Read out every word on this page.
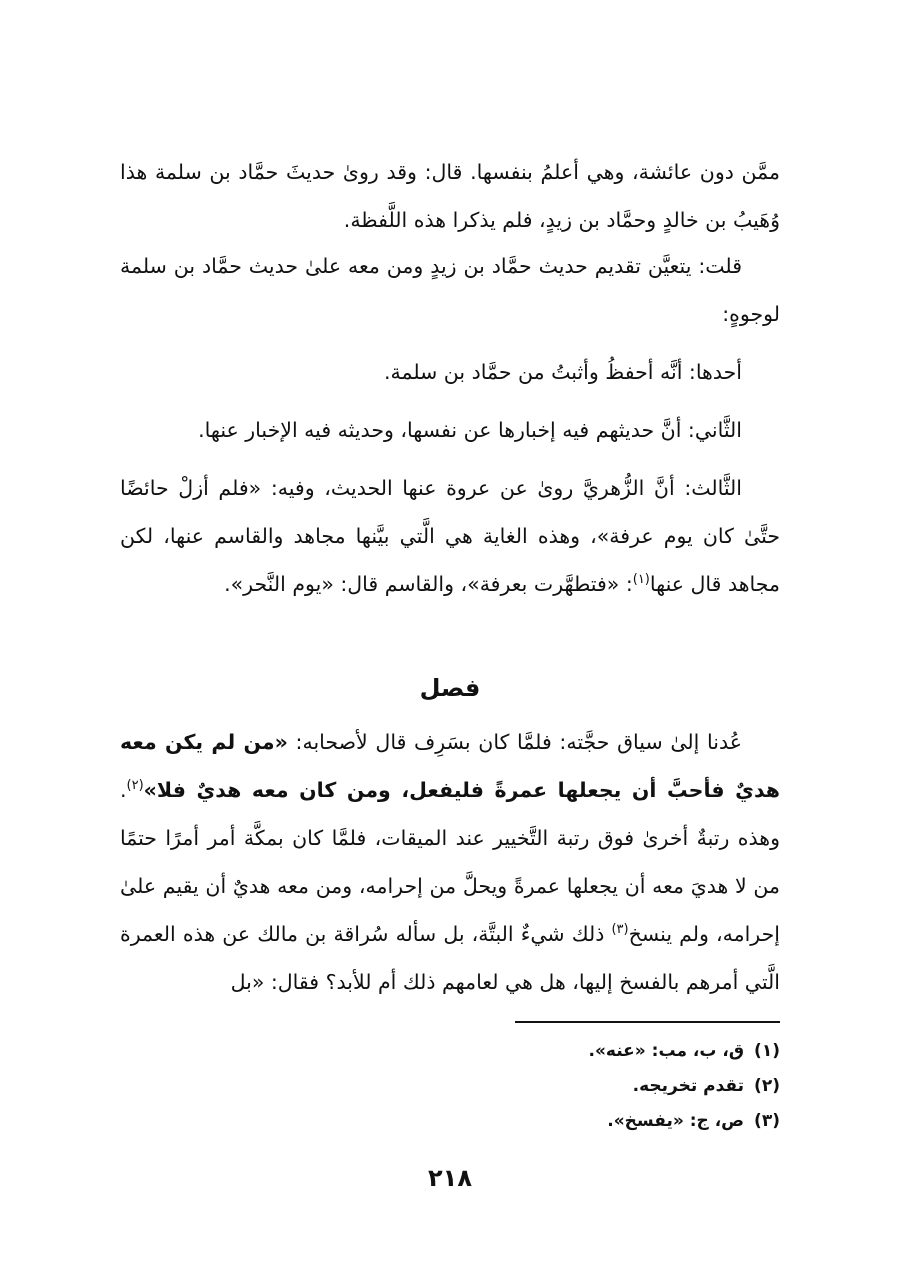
ممَّن دون عائشة، وهي أعلمُ بنفسها. قال: وقد رویٰ حديثَ حمَّاد بن سلمة هذا وُهَيبُ بن خالدٍ وحمَّاد بن زيدٍ، فلم يذكرا هذه اللَّفظة.

قلت: يتعيَّن تقديم حديث حمَّاد بن زيدٍ ومن معه علىٰ حديث حمَّاد بن سلمة لوجوهٍ:

أحدها: أنَّه أحفظُ وأثبتُ من حمَّاد بن سلمة.

الثَّاني: أنَّ حديثهم فيه إخبارها عن نفسها، وحديثه فيه الإخبار عنها.

الثَّالث: أنَّ الزُّهريَّ رویٰ عن عروة عنها الحديث، وفيه: «فلم أزلْ حائضًا حتَّىٰ كان يوم عرفة»، وهذه الغاية هي الَّتي بيَّنها مجاهد والقاسم عنها، لكن مجاهد قال عنها$^{(١)}$: «فتطهَّرت بعرفة»، والقاسم قال: «يوم النَّحر».

فصل

عُدنا إلىٰ سياق حجَّته: فلمَّا كان بسَرِف قال لأصحابه: «من لم يكن معه هديٌ فأحبَّ أن يجعلها عمرةً فليفعل، ومن كان معه هديٌ فلا»$^{(٢)}$. وهذه رتبةٌ أخریٰ فوق رتبة التَّخيير عند الميقات، فلمَّا كان بمكَّة أمر أمرًا حتمًا من لا هديَ معه أن يجعلها عمرةً ويحلَّ من إحرامه، ومن معه هديٌ أن يقيم علىٰ إحرامه، ولم ينسخ$^{(٣)}$ ذلك شيءٌ البتَّة، بل سأله سُراقة بن مالك عن هذه العمرة الَّتي أمرهم بالفسخ إليها، هل هي لعامهم ذلك أم للأبد؟ فقال: «بل

(١)ق، ب، مب: «عنه».
(٢)تقدم تخريجه.
(٣)ص، ج: «يفسخ».
٢١٨
